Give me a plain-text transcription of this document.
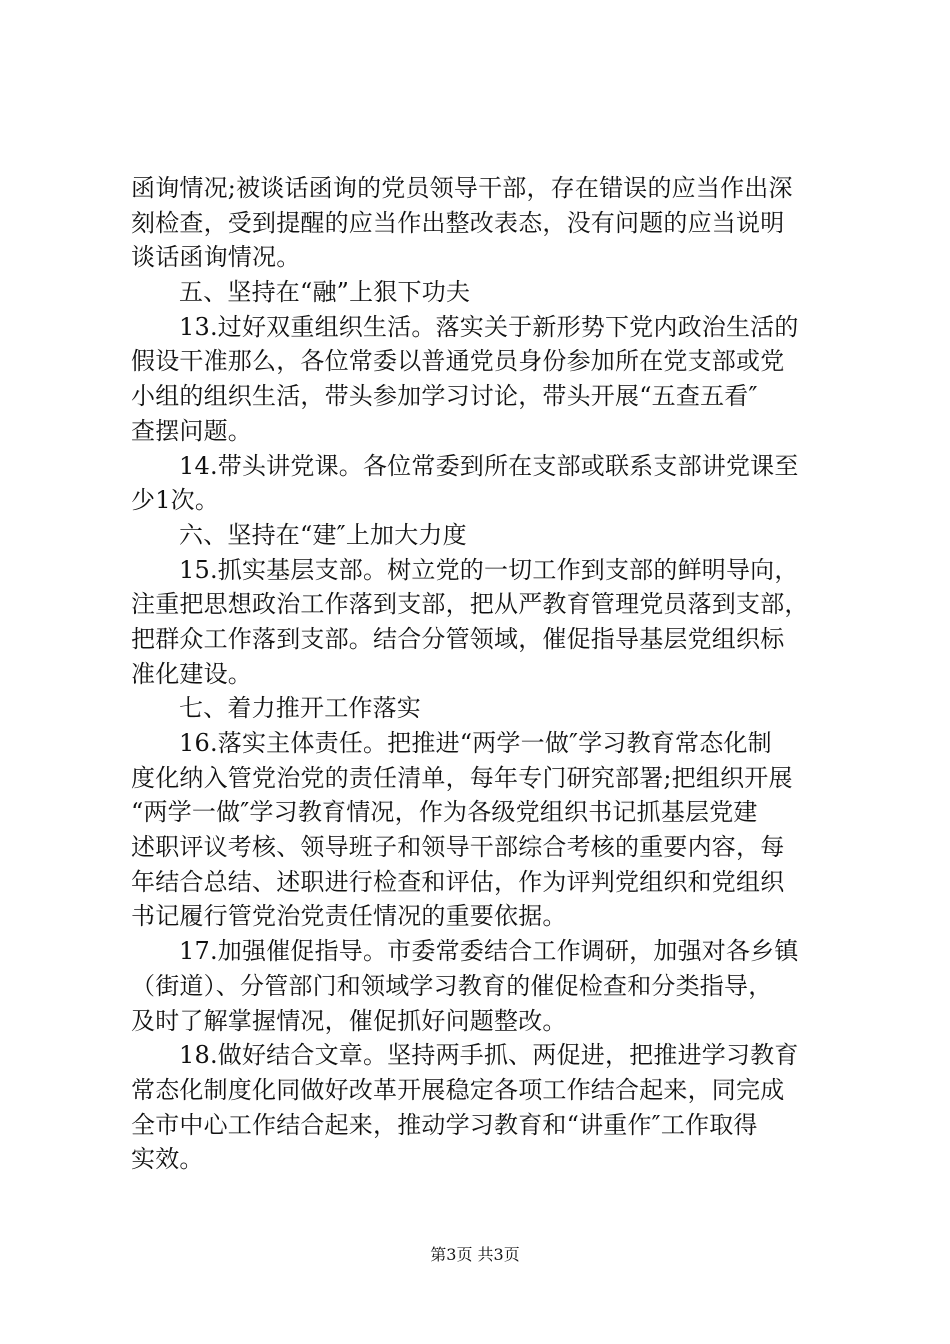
函询情况;被谈话函询的党员领导干部，存在错误的应当作出深
刻检查，受到提醒的应当作出整改表态，没有问题的应当说明
谈话函询情况。
五、坚持在“融”上狠下功夫
13.过好双重组织生活。落实关于新形势下党内政治生活的
假设干准那么，各位常委以普通党员身份参加所在党支部或党
小组的组织生活，带头参加学习讨论，带头开展“五查五看″
查摆问题。
14.带头讲党课。各位常委到所在支部或联系支部讲党课至
少1次。
六、坚持在“建″上加大力度
15.抓实基层支部。树立党的一切工作到支部的鲜明导向，
注重把思想政治工作落到支部，把从严教育管理党员落到支部，
把群众工作落到支部。结合分管领域，催促指导基层党组织标
准化建设。
七、着力推开工作落实
16.落实主体责任。把推进“两学一做″学习教育常态化制
度化纳入管党治党的责任清单，每年专门研究部署;把组织开展
“两学一做″学习教育情况，作为各级党组织书记抓基层党建
述职评议考核、领导班子和领导干部综合考核的重要内容，每
年结合总结、述职进行检查和评估，作为评判党组织和党组织
书记履行管党治党责任情况的重要依据。
17.加强催促指导。市委常委结合工作调研，加强对各乡镇
（街道）、分管部门和领域学习教育的催促检查和分类指导，
及时了解掌握情况，催促抓好问题整改。
18.做好结合文章。坚持两手抓、两促进，把推进学习教育
常态化制度化同做好改革开展稳定各项工作结合起来，同完成
全市中心工作结合起来，推动学习教育和“讲重作″工作取得
实效。

第3页 共3页
